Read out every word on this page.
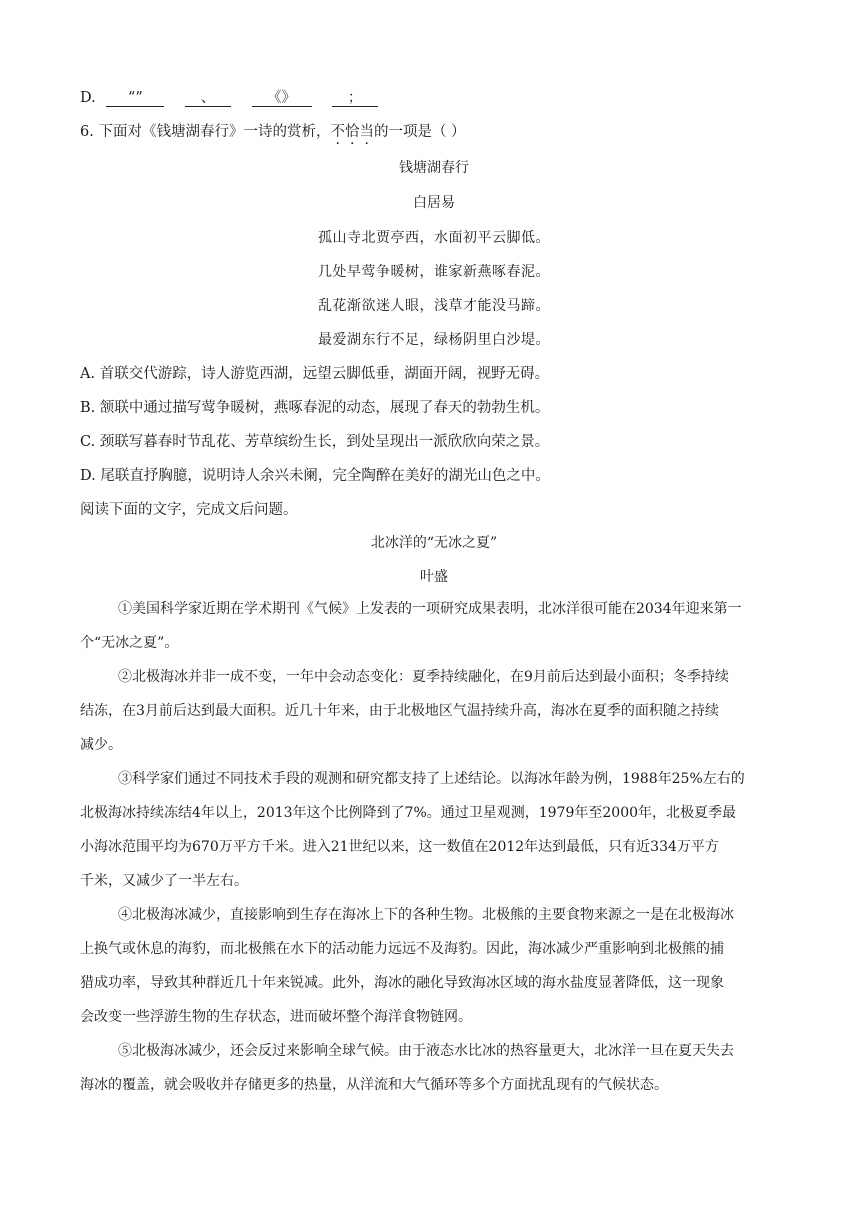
D. “”	、	《》	；
6. 下面对《钱塘湖春行》一诗的赏析，不恰当的一项是（ ）
钱塘湖春行
白居易
孤山寺北贾亭西，水面初平云脚低。
几处早莺争暖树，谁家新燕啄春泥。
乱花渐欲迷人眼，浅草才能没马蹄。
最爱湖东行不足，绿杨阴里白沙堤。
A. 首联交代游踪，诗人游览西湖，远望云脚低垂，湖面开阔，视野无碍。
B. 颔联中通过描写莺争暖树，燕啄春泥的动态，展现了春天的勃勃生机。
C. 颈联写暮春时节乱花、芳草缤纷生长，到处呈现出一派欣欣向荣之景。
D. 尾联直抒胸臆，说明诗人余兴未阑，完全陶醉在美好的湖光山色之中。
阅读下面的文字，完成文后问题。
北冰洋的“无冰之夏”
叶盛
①美国科学家近期在学术期刊《气候》上发表的一项研究成果表明，北冰洋很可能在2034年迎来第一
个“无冰之夏”。
②北极海冰并非一成不变，一年中会动态变化：夏季持续融化，在9月前后达到最小面积；冬季持续
结冻，在3月前后达到最大面积。近几十年来，由于北极地区气温持续升高，海冰在夏季的面积随之持续
减少。
③科学家们通过不同技术手段的观测和研究都支持了上述结论。以海冰年龄为例，1988年25%左右的
北极海冰持续冻结4年以上，2013年这个比例降到了7%。通过卫星观测，1979年至2000年，北极夏季最
小海冰范围平均为670万平方千米。进入21世纪以来，这一数值在2012年达到最低，只有近334万平方
千米，又减少了一半左右。
④北极海冰减少，直接影响到生存在海冰上下的各种生物。北极熊的主要食物来源之一是在北极海冰
上换气或休息的海豹，而北极熊在水下的活动能力远远不及海豹。因此，海冰减少严重影响到北极熊的捕
猎成功率，导致其种群近几十年来锐减。此外，海冰的融化导致海冰区域的海水盐度显著降低，这一现象
会改变一些浮游生物的生存状态，进而破坏整个海洋食物链网。
⑤北极海冰减少，还会反过来影响全球气候。由于液态水比冰的热容量更大，北冰洋一旦在夏天失去
海冰的覆盖，就会吸收并存储更多的热量，从洋流和大气循环等多个方面扰乱现有的气候状态。
